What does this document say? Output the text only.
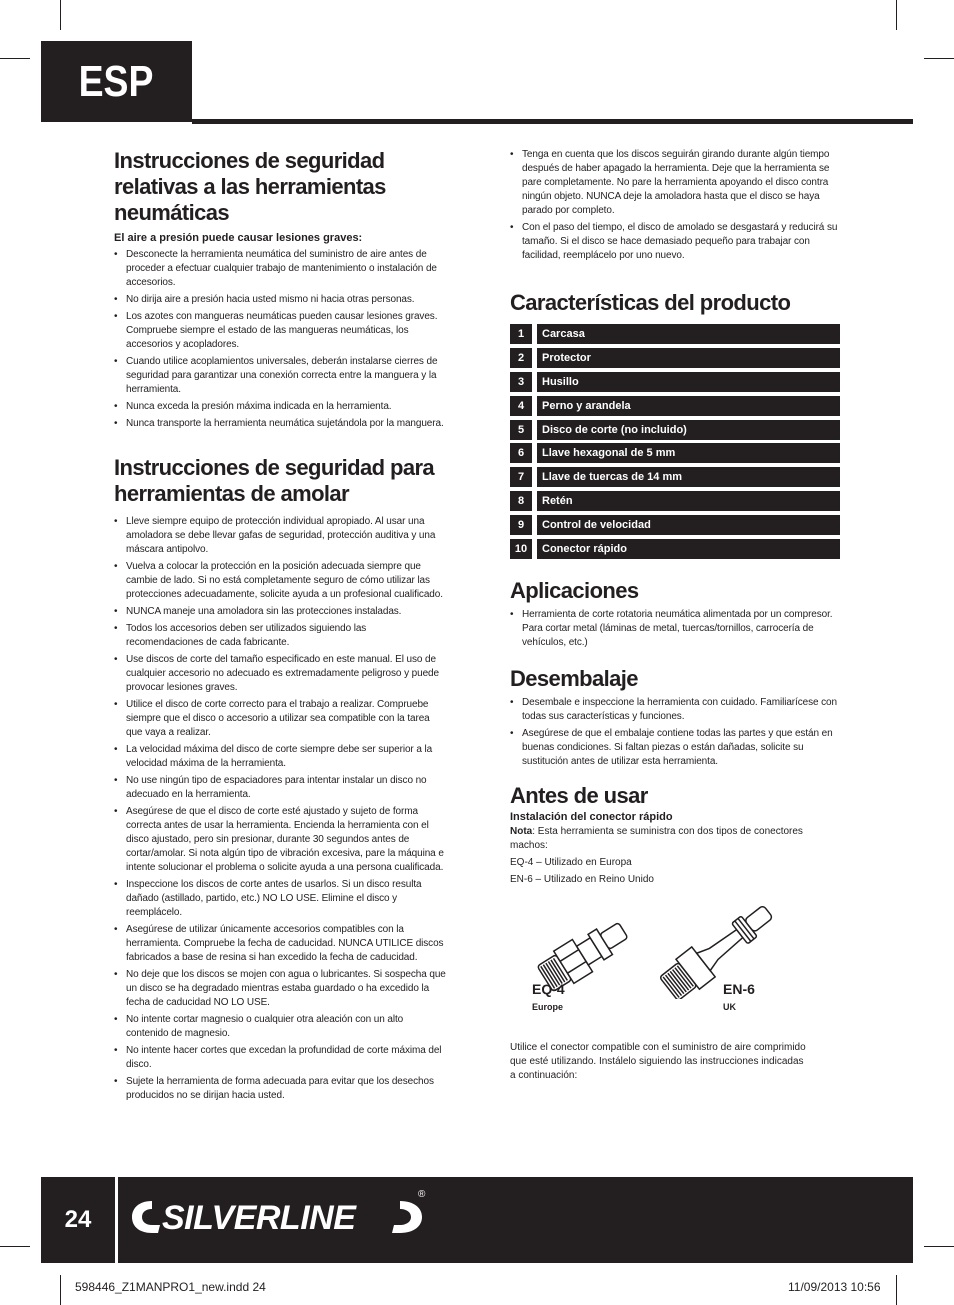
ESP
Instrucciones de seguridad relativas a las herramientas neumáticas
El aire a presión puede causar lesiones graves:
• Desconecte la herramienta neumática del suministro de aire antes de proceder a efectuar cualquier trabajo de mantenimiento o instalación de accesorios.
• No dirija aire a presión hacia usted mismo ni hacia otras personas.
• Los azotes con mangueras neumáticas pueden causar lesiones graves. Compruebe siempre el estado de las mangueras neumáticas, los accesorios y acopladores.
• Cuando utilice acoplamientos universales, deberán instalarse cierres de seguridad para garantizar una conexión correcta entre la manguera y la herramienta.
• Nunca exceda la presión máxima indicada en la herramienta.
• Nunca transporte la herramienta neumática sujetándola por la manguera.
Instrucciones de seguridad para herramientas de amolar
• Lleve siempre equipo de protección individual apropiado. Al usar una amoladora se debe llevar gafas de seguridad, protección auditiva y una máscara antipolvo.
• Vuelva a colocar la protección en la posición adecuada siempre que cambie de lado. Si no está completamente seguro de cómo utilizar las protecciones adecuadamente, solicite ayuda a un profesional cualificado.
• NUNCA maneje una amoladora sin las protecciones instaladas.
• Todos los accesorios deben ser utilizados siguiendo las recomendaciones de cada fabricante.
• Use discos de corte del tamaño especificado en este manual. El uso de cualquier accesorio no adecuado es extremadamente peligroso y puede provocar lesiones graves.
• Utilice el disco de corte correcto para el trabajo a realizar. Compruebe siempre que el disco o accesorio a utilizar sea compatible con la tarea que vaya a realizar.
• La velocidad máxima del disco de corte siempre debe ser superior a la velocidad máxima de la herramienta.
• No use ningún tipo de espaciadores para intentar instalar un disco no adecuado en la herramienta.
• Asegúrese de que el disco de corte esté ajustado y sujeto de forma correcta antes de usar la herramienta. Encienda la herramienta con el disco ajustado, pero sin presionar, durante 30 segundos antes de cortar/amolar. Si nota algún tipo de vibración excesiva, pare la máquina e intente solucionar el problema o solicite ayuda a una persona cualificada.
• Inspeccione los discos de corte antes de usarlos. Si un disco resulta dañado (astillado, partido, etc.) NO LO USE. Elimine el disco y reemplácelo.
• Asegúrese de utilizar únicamente accesorios compatibles con la herramienta. Compruebe la fecha de caducidad. NUNCA UTILICE discos fabricados a base de resina si han excedido la fecha de caducidad.
• No deje que los discos se mojen con agua o lubricantes. Si sospecha que un disco se ha degradado mientras estaba guardado o ha excedido la fecha de caducidad NO LO USE.
• No intente cortar magnesio o cualquier otra aleación con un alto contenido de magnesio.
• No intente hacer cortes que excedan la profundidad de corte máxima del disco.
• Sujete la herramienta de forma adecuada para evitar que los desechos producidos no se dirijan hacia usted.
• Tenga en cuenta que los discos seguirán girando durante algún tiempo después de haber apagado la herramienta. Deje que la herramienta se pare completamente. No pare la herramienta apoyando el disco contra ningún objeto. NUNCA deje la amoladora hasta que el disco se haya parado por completo.
• Con el paso del tiempo, el disco de amolado se desgastará y reducirá su tamaño. Si el disco se hace demasiado pequeño para trabajar con facilidad, reemplácelo por uno nuevo.
Características del producto
1	Carcasa
2	Protector
3	Husillo
4	Perno y arandela
5	Disco de corte (no incluido)
6	Llave hexagonal de 5 mm
7	Llave de tuercas de 14 mm
8	Retén
9	Control de velocidad
10	Conector rápido
Aplicaciones
• Herramienta de corte rotatoria neumática alimentada por un compresor. Para cortar metal (láminas de metal, tuercas/tornillos, carrocería de vehículos, etc.)
Desembalaje
• Desembale e inspeccione la herramienta con cuidado. Familiarícese con todas sus características y funciones.
• Asegúrese de que el embalaje contiene todas las partes y que están en buenas condiciones. Si faltan piezas o están dañadas, solicite su sustitución antes de utilizar esta herramienta.
Antes de usar
Instalación del conector rápido

Nota: Esta herramienta se suministra con dos tipos de conectores machos:

EQ-4 – Utilizado en Europa

EN-6 – Utilizado en Reino Unido

EQ-4
Europe
EN-6
UK

Utilice el conector compatible con el suministro de aire comprimido que esté utilizando. Instálelo siguiendo las instrucciones indicadas a continuación:

24	SILVERLINE
®
598446_Z1MANPRO1_new.indd 24	11/09/2013 10:56
